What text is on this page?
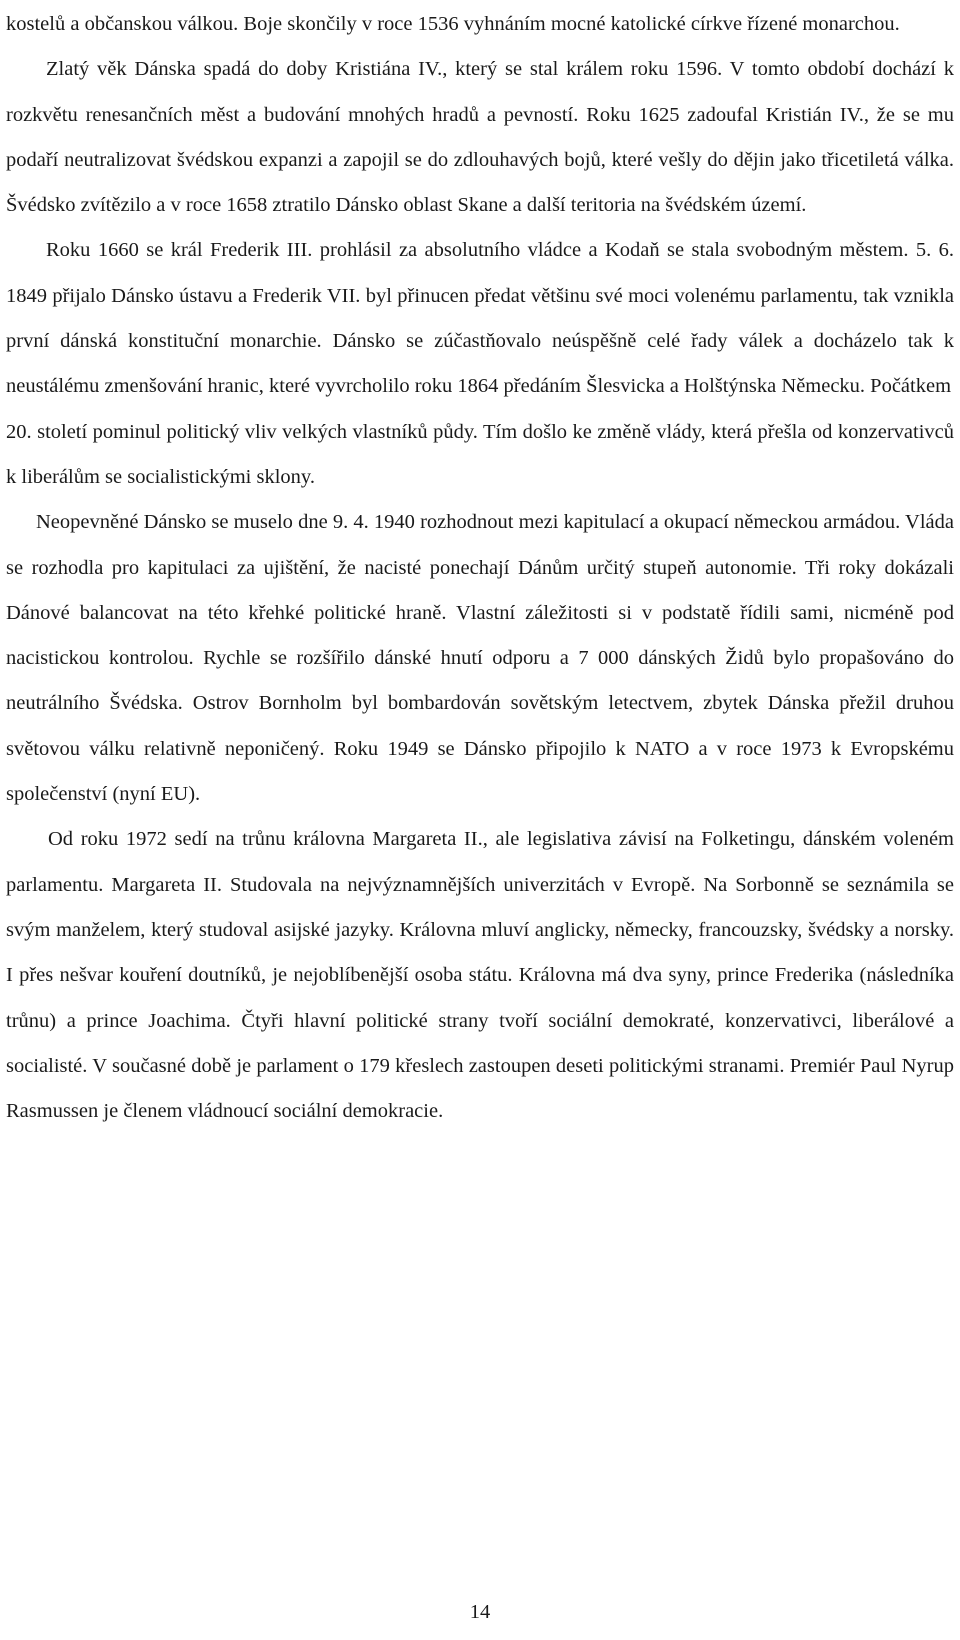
kostelů a občanskou válkou. Boje skončily v roce 1536 vyhnáním mocné katolické církve řízené monarchou.

Zlatý věk Dánska spadá do doby Kristiána IV., který se stal králem roku 1596. V tomto období dochází k rozkvětu renesančních měst a budování mnohých hradů a pevností. Roku 1625 zadoufal Kristián IV., že se mu podaří neutralizovat švédskou expanzi a zapojil se do zdlouhavých bojů, které vešly do dějin jako třicetiletá válka. Švédsko zvítězilo a v roce 1658 ztratilo Dánsko oblast Skane a další teritoria na švédském území.

Roku 1660 se král Frederik III. prohlásil za absolutního vládce a Kodaň se stala svobodným městem. 5. 6. 1849 přijalo Dánsko ústavu a Frederik VII. byl přinucen předat většinu své moci volenému parlamentu, tak vznikla první dánská konstituční monarchie. Dánsko se zúčastňovalo neúspěšně celé řady válek a docházelo tak k neustálému zmenšování hranic, které vyvrcholilo roku 1864 předáním Šlesvicka a Holštýnska Německu. Počátkem

20. století pominul politický vliv velkých vlastníků půdy. Tím došlo ke změně vlády, která přešla od konzervativců k liberálům se socialistickými sklony.

Neopevněné Dánsko se muselo dne 9. 4. 1940 rozhodnout mezi kapitulací a okupací německou armádou. Vláda se rozhodla pro kapitulaci za ujištění, že nacisté ponechají Dánům určitý stupeň autonomie. Tři roky dokázali Dánové balancovat na této křehké politické hraně. Vlastní záležitosti si v podstatě řídili sami, nicméně pod nacistickou kontrolou. Rychle se rozšířilo dánské hnutí odporu a 7 000 dánských Židů bylo propašováno do neutrálního Švédska. Ostrov Bornholm byl bombardován sovětským letectvem, zbytek Dánska přežil druhou světovou válku relativně neponičený. Roku 1949 se Dánsko připojilo k NATO a v roce 1973 k Evropskému společenství (nyní EU).

Od roku 1972 sedí na trůnu královna Margareta II., ale legislativa závisí na Folketingu, dánském voleném parlamentu. Margareta II. Studovala na nejvýznamnějších univerzitách v Evropě. Na Sorbonně se seznámila se svým manželem, který studoval asijské jazyky. Královna mluví anglicky, německy, francouzsky, švédsky a norsky. I přes nešvar kouření doutníků, je nejoblíbenější osoba státu. Královna má dva syny, prince Frederika (následníka trůnu) a prince Joachima. Čtyři hlavní politické strany tvoří sociální demokraté, konzervativci, liberálové a socialisté. V současné době je parlament o 179 křeslech zastoupen deseti politickými stranami. Premiér Paul Nyrup Rasmussen je členem vládnoucí sociální demokracie.

14
